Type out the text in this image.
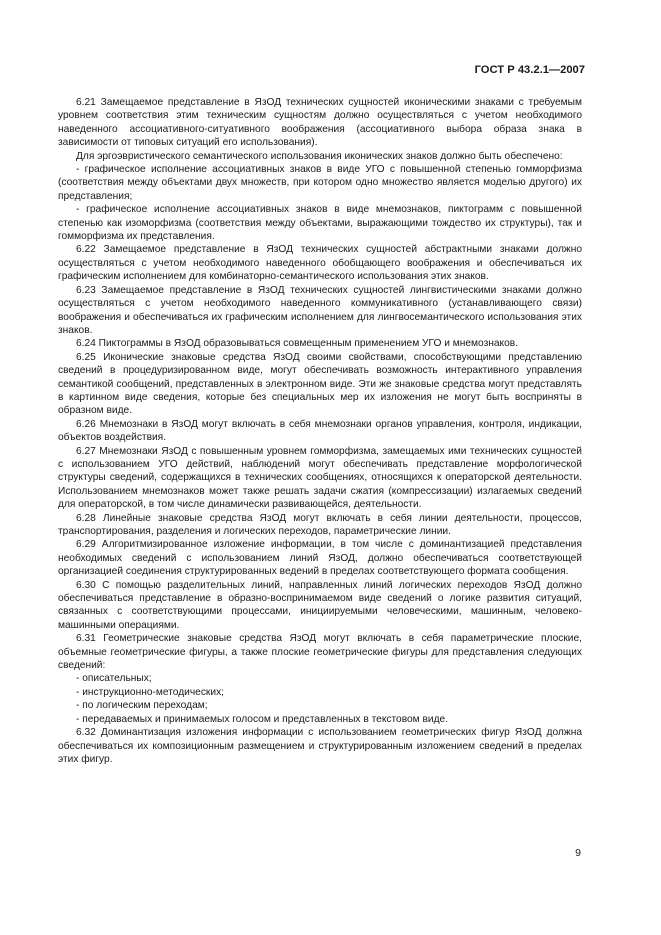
ГОСТ Р 43.2.1—2007

6.21 Замещаемое представление в ЯзОД технических сущностей иконическими знаками с требуемым уровнем соответствия этим техническим сущностям должно осуществляться с учетом необходимого наведенного ассоциативного-ситуативного воображения (ассоциативного выбора образа знака в зависимости от типовых ситуаций его использования).

Для эргоэвристического семантического использования иконических знаков должно быть обеспечено:

- графическое исполнение ассоциативных знаков в виде УГО с повышенной степенью гомморфизма (соответствия между объектами двух множеств, при котором одно множество является моделью другого) их представления;

- графическое исполнение ассоциативных знаков в виде мнемознаков, пиктограмм с повышенной степенью как изоморфизма (соответствия между объектами, выражающими тождество их структуры), так и гомморфизма их представления.

6.22 Замещаемое представление в ЯзОД технических сущностей абстрактными знаками должно осуществляться с учетом необходимого наведенного обобщающего воображения и обеспечиваться их графическим исполнением для комбинаторно-семантического использования этих знаков.

6.23 Замещаемое представление в ЯзОД технических сущностей лингвистическими знаками должно осуществляться с учетом необходимого наведенного коммуникативного (устанавливающего связи) воображения и обеспечиваться их графическим исполнением для лингвосемантического использования этих знаков.

6.24 Пиктограммы в ЯзОД образовываться совмещенным применением УГО и мнемознаков.

6.25 Иконические знаковые средства ЯзОД своими свойствами, способствующими представлению сведений в процедуризированном виде, могут обеспечивать возможность интерактивного управления семантикой сообщений, представленных в электронном виде. Эти же знаковые средства могут представлять в картинном виде сведения, которые без специальных мер их изложения не могут быть восприняты в образном виде.

6.26 Мнемознаки в ЯзОД могут включать в себя мнемознаки органов управления, контроля, индикации, объектов воздействия.

6.27 Мнемознаки ЯзОД с повышенным уровнем гомморфизма, замещаемых ими технических сущностей с использованием УГО действий, наблюдений могут обеспечивать представление морфологической структуры сведений, содержащихся в технических сообщениях, относящихся к операторской деятельности. Использованием мнемознаков может также решать задачи сжатия (компрессизации) излагаемых сведений для операторской, в том числе динамически развивающейся, деятельности.

6.28 Линейные знаковые средства ЯзОД могут включать в себя линии деятельности, процессов, транспортирования, разделения и логических переходов, параметрические линии.

6.29 Алгоритмизированное изложение информации, в том числе с доминантизацией представления необходимых сведений с использованием линий ЯзОД, должно обеспечиваться соответствующей организацией соединения структурированных ведений в пределах соответствующего формата сообщения.

6.30 С помощью разделительных линий, направленных линий логических переходов ЯзОД должно обеспечиваться представление в образно-воспринимаемом виде сведений о логике развития ситуаций, связанных с соответствующими процессами, инициируемыми человеческими, машинным, человеко-машинными операциями.

6.31 Геометрические знаковые средства ЯзОД могут включать в себя параметрические плоские, объемные геометрические фигуры, а также плоские геометрические фигуры для представления следующих сведений:

- описательных;

- инструкционно-методических;

- по логическим переходам;

- передаваемых и принимаемых голосом и представленных в текстовом виде.

6.32 Доминантизация изложения информации с использованием геометрических фигур ЯзОД должна обеспечиваться их композиционным размещением и структурированным изложением сведений в пределах этих фигур.

9
